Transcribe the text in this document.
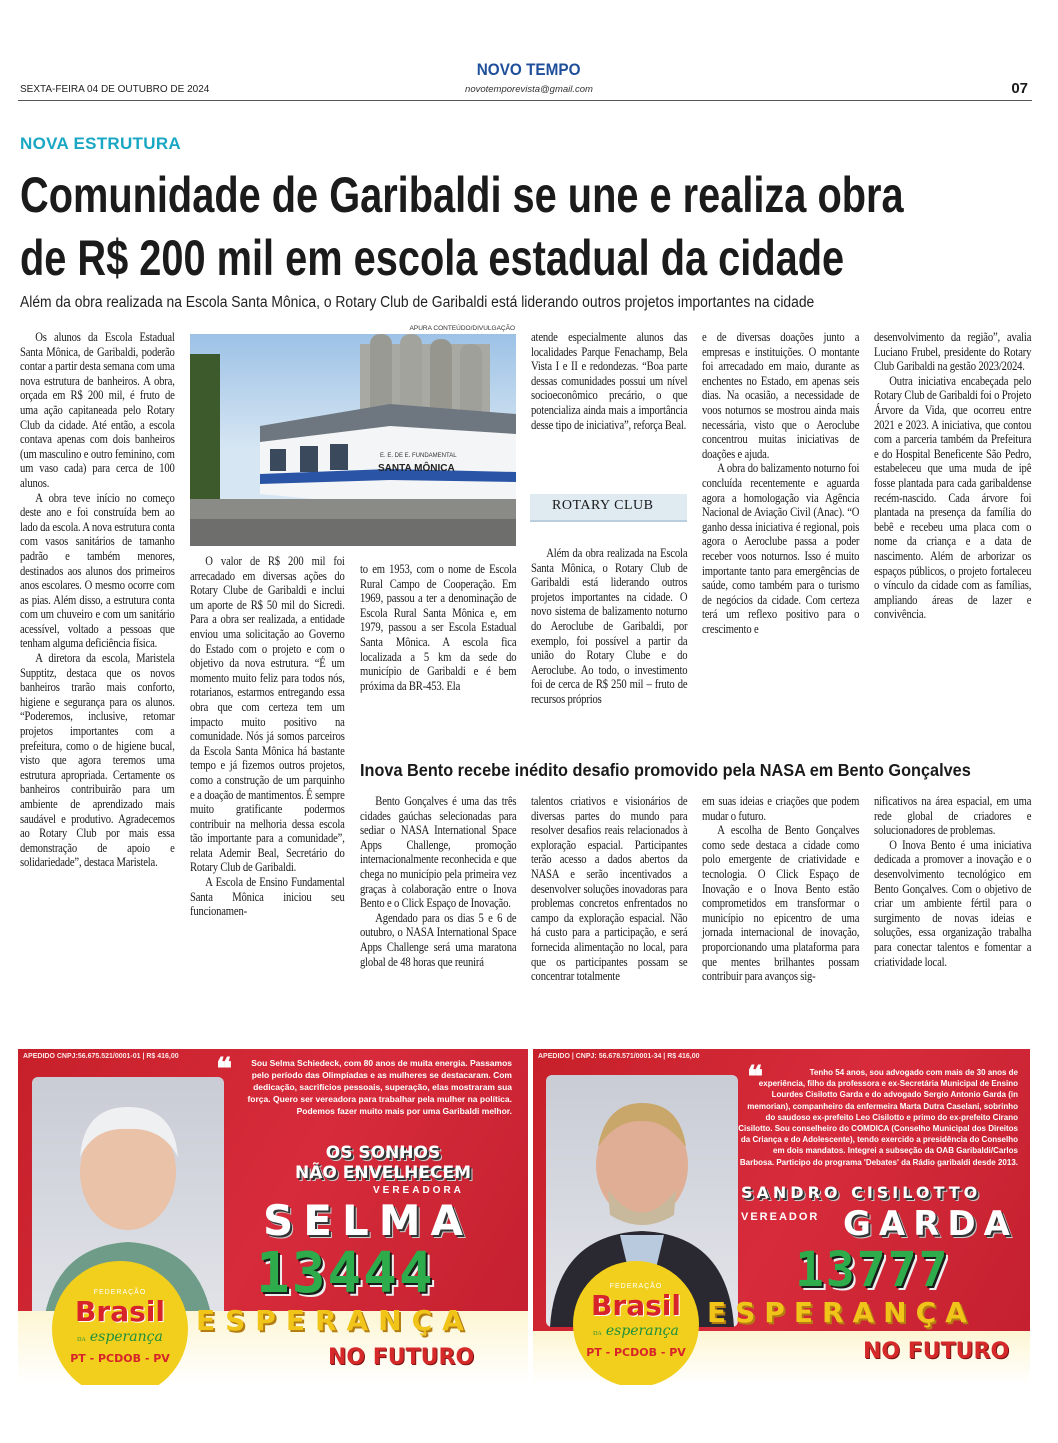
NOVO TEMPO
novotemporevista@gmail.com
SEXTA-FEIRA 04 DE OUTUBRO DE 2024	07
NOVA ESTRUTURA
Comunidade de Garibaldi se une e realiza obra
de R$ 200 mil em escola estadual da cidade
Além da obra realizada na Escola Santa Mônica, o Rotary Club de Garibaldi está liderando outros projetos importantes na cidade

Os alunos da Escola Estadual Santa Mônica, de Garibaldi, poderão contar a partir desta semana com uma nova estrutura de banheiros. A obra, orçada em R$ 200 mil, é fruto de uma ação capitaneada pelo Rotary Club da cidade. Até então, a escola contava apenas com dois banheiros (um masculino e outro feminino, com um vaso cada) para cerca de 100 alunos.

A obra teve início no começo deste ano e foi construída bem ao lado da escola. A nova estrutura conta com vasos sanitários de tamanho padrão e também menores, destinados aos alunos dos primeiros anos escolares. O mesmo ocorre com as pias. Além disso, a estrutura conta com um chuveiro e com um sanitário acessível, voltado a pessoas que tenham alguma deficiência física.

A diretora da escola, Maristela Supptitz, destaca que os novos banheiros trarão mais conforto, higiene e segurança para os alunos. “Poderemos, inclusive, retomar projetos importantes com a prefeitura, como o de higiene bucal, visto que agora teremos uma estrutura apropriada. Certamente os banheiros contribuirão para um ambiente de aprendizado mais saudável e produtivo. Agradecemos ao Rotary Club por mais essa demonstração de apoio e solidariedade”, destaca Maristela.

APURA CONTEÚDO/DIVULGAÇÃO
E. E. DE E. FUNDAMENTAL
SANTA MÔNICA

O valor de R$ 200 mil foi arrecadado em diversas ações do Rotary Clube de Garibaldi e inclui um aporte de R$ 50 mil do Sicredi. Para a obra ser realizada, a entidade enviou uma solicitação ao Governo do Estado com o projeto e com o objetivo da nova estrutura. “É um momento muito feliz para todos nós, rotarianos, estarmos entregando essa obra que com certeza tem um impacto muito positivo na comunidade. Nós já somos parceiros da Escola Santa Mônica há bastante tempo e já fizemos outros projetos, como a construção de um parquinho e a doação de mantimentos. É sempre muito gratificante podermos contribuir na melhoria dessa escola tão importante para a comunidade”, relata Ademir Beal, Secretário do Rotary Club de Garibaldi.

A Escola de Ensino Fundamental Santa Mônica iniciou seu funcionamen-

to em 1953, com o nome de Escola Rural Campo de Cooperação. Em 1969, passou a ter a denominação de Escola Rural Santa Mônica e, em 1979, passou a ser Escola Estadual Santa Mônica. A escola fica localizada a 5 km da sede do município de Garibaldi e é bem próxima da BR-453. Ela

atende especialmente alunos das localidades Parque Fenachamp, Bela Vista I e II e redondezas. “Boa parte dessas comunidades possui um nível socioeconômico precário, o que potencializa ainda mais a importância desse tipo de iniciativa”, reforça Beal.

ROTARY CLUB

Além da obra realizada na Escola Santa Mônica, o Rotary Club de Garibaldi está liderando outros projetos importantes na cidade. O novo sistema de balizamento noturno do Aeroclube de Garibaldi, por exemplo, foi possível a partir da união do Rotary Clube e do Aeroclube. Ao todo, o investimento foi de cerca de R$ 250 mil – fruto de recursos próprios

e de diversas doações junto a empresas e instituições. O montante foi arrecadado em maio, durante as enchentes no Estado, em apenas seis dias. Na ocasião, a necessidade de voos noturnos se mostrou ainda mais necessária, visto que o Aeroclube concentrou muitas iniciativas de doações e ajuda.

A obra do balizamento noturno foi concluída recentemente e aguarda agora a homologação via Agência Nacional de Aviação Civil (Anac). “O ganho dessa iniciativa é regional, pois agora o Aeroclube passa a poder receber voos noturnos. Isso é muito importante tanto para emergências de saúde, como também para o turismo de negócios da cidade. Com certeza terá um reflexo positivo para o crescimento e

desenvolvimento da região”, avalia Luciano Frubel, presidente do Rotary Club Garibaldi na gestão 2023/2024.

Outra iniciativa encabeçada pelo Rotary Club de Garibaldi foi o Projeto Árvore da Vida, que ocorreu entre 2021 e 2023. A iniciativa, que contou com a parceria também da Prefeitura e do Hospital Beneficente São Pedro, estabeleceu que uma muda de ipê fosse plantada para cada garibaldense recém-nascido. Cada árvore foi plantada na presença da família do bebê e recebeu uma placa com o nome da criança e a data de nascimento. Além de arborizar os espaços públicos, o projeto fortaleceu o vínculo da cidade com as famílias, ampliando áreas de lazer e convivência.

Inova Bento recebe inédito desafio promovido pela NASA em Bento Gonçalves

Bento Gonçalves é uma das três cidades gaúchas selecionadas para sediar o NASA International Space Apps Challenge, promoção internacionalmente reconhecida e que chega no município pela primeira vez graças à colaboração entre o Inova Bento e o Click Espaço de Inovação.

Agendado para os dias 5 e 6 de outubro, o NASA International Space Apps Challenge será uma maratona global de 48 horas que reunirá

talentos criativos e visionários de diversas partes do mundo para resolver desafios reais relacionados à exploração espacial. Participantes terão acesso a dados abertos da NASA e serão incentivados a desenvolver soluções inovadoras para problemas concretos enfrentados no campo da exploração espacial. Não há custo para a participação, e será fornecida alimentação no local, para que os participantes possam se concentrar totalmente

em suas ideias e criações que podem mudar o futuro.

A escolha de Bento Gonçalves como sede destaca a cidade como polo emergente de criatividade e tecnologia. O Click Espaço de Inovação e o Inova Bento estão comprometidos em transformar o município no epicentro de uma jornada internacional de inovação, proporcionando uma plataforma para que mentes brilhantes possam contribuir para avanços sig-

nificativos na área espacial, em uma rede global de criadores e solucionadores de problemas.

O Inova Bento é uma iniciativa dedicada a promover a inovação e o desenvolvimento tecnológico em Bento Gonçalves. Com o objetivo de criar um ambiente fértil para o surgimento de novas ideias e soluções, essa organização trabalha para conectar talentos e fomentar a criatividade local.

APEDIDO CNPJ:56.675.521/0001-01 | R$ 416,00 ❝	Sou Selma Schiedeck, com 80 anos de muita energia. Passamos pelo período das Olimpíadas e as mulheres se destacaram. Com dedicação, sacrifícios pessoais, superação, elas mostraram sua força. Quero ser vereadora para trabalhar pela mulher na política. Podemos fazer muito mais por uma Garibaldi melhor.
OS SONHOS
NÃO ENVELHECEM
VEREADORA
SELMA
13444
FEDERAÇÃO
Brasil
DA esperança
PT - PCDOB - PV
ESPERANÇA
NO FUTURO
APEDIDO | CNPJ: 56.678.571/0001-34 | R$ 416,00
❝	Tenho 54 anos, sou advogado com mais de 30 anos de experiência, filho da professora e ex-Secretária Municipal de Ensino Lourdes Cisilotto Garda e do advogado Sergio Antonio Garda (in memorian), companheiro da enfermeira Marta Dutra Caselani, sobrinho do saudoso ex-prefeito Leo Cisilotto e primo do ex-prefeito Cirano Cisilotto. Sou conselheiro do COMDICA (Conselho Municipal dos Direitos da Criança e do Adolescente), tendo exercido a presidência do Conselho em dois mandatos. Integrei a subseção da OAB Garibaldi/Carlos Barbosa. Participo do programa 'Debates' da Rádio garibaldi desde 2013.
SANDRO CISILOTTO
VEREADOR GARDA
13777
FEDERAÇÃO
Brasil
DA esperança
PT - PCDOB - PV
ESPERANÇA
NO FUTURO
